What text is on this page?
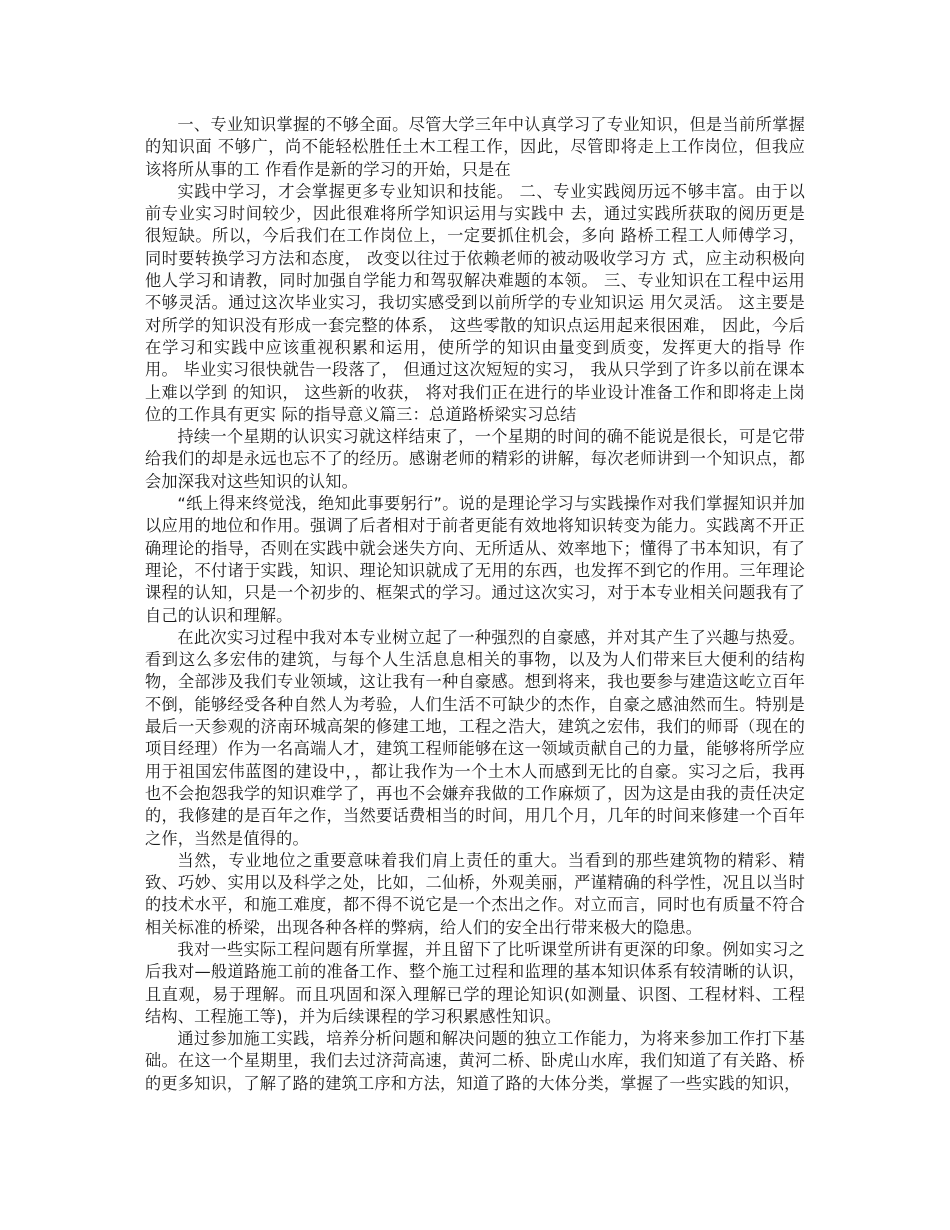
一、专业知识掌握的不够全面。尽管大学三年中认真学习了专业知识，但是当前所掌握的知识面 不够广，尚不能轻松胜任土木工程工作，因此，尽管即将走上工作岗位，但我应该将所从事的工 作看作是新的学习的开始，只是在

实践中学习，才会掌握更多专业知识和技能。 二、专业实践阅历远不够丰富。由于以前专业实习时间较少，因此很难将所学知识运用与实践中 去，通过实践所获取的阅历更是很短缺。所以，今后我们在工作岗位上，一定要抓住机会，多向 路桥工程工人师傅学习，同时要转换学习方法和态度， 改变以往过于依赖老师的被动吸收学习方 式，应主动积极向他人学习和请教，同时加强自学能力和驾驭解决难题的本领。 三、专业知识在工程中运用不够灵活。通过这次毕业实习，我切实感受到以前所学的专业知识运 用欠灵活。 这主要是对所学的知识没有形成一套完整的体系， 这些零散的知识点运用起来很困难， 因此，今后在学习和实践中应该重视积累和运用，使所学的知识由量变到质变，发挥更大的指导 作用。 毕业实习很快就告一段落了， 但通过这次短短的实习， 我从只学到了许多以前在课本上难以学到 的知识， 这些新的收获， 将对我们正在进行的毕业设计准备工作和即将走上岗位的工作具有更实 际的指导意义篇三：总道路桥梁实习总结

持续一个星期的认识实习就这样结束了，一个星期的时间的确不能说是很长，可是它带给我们的却是永远也忘不了的经历。感谢老师的精彩的讲解，每次老师讲到一个知识点，都会加深我对这些知识的认知。

“纸上得来终觉浅，绝知此事要躬行”。说的是理论学习与实践操作对我们掌握知识并加以应用的地位和作用。强调了后者相对于前者更能有效地将知识转变为能力。实践离不开正确理论的指导，否则在实践中就会迷失方向、无所适从、效率地下；懂得了书本知识，有了理论，不付诸于实践，知识、理论知识就成了无用的东西，也发挥不到它的作用。三年理论课程的认知，只是一个初步的、框架式的学习。通过这次实习，对于本专业相关问题我有了自己的认识和理解。

在此次实习过程中我对本专业树立起了一种强烈的自豪感，并对其产生了兴趣与热爱。看到这么多宏伟的建筑，与每个人生活息息相关的事物，以及为人们带来巨大便利的结构物，全部涉及我们专业领域，这让我有一种自豪感。想到将来，我也要参与建造这屹立百年不倒，能够经受各种自然人为考验，人们生活不可缺少的杰作，自豪之感油然而生。特别是最后一天参观的济南环城高架的修建工地，工程之浩大，建筑之宏伟，我们的师哥（现在的项目经理）作为一名高端人才，建筑工程师能够在这一领域贡献自己的力量，能够将所学应用于祖国宏伟蓝图的建设中，，都让我作为一个土木人而感到无比的自豪。实习之后，我再也不会抱怨我学的知识难学了，再也不会嫌弃我做的工作麻烦了，因为这是由我的责任决定的，我修建的是百年之作，当然要话费相当的时间，用几个月，几年的时间来修建一个百年之作，当然是值得的。

当然，专业地位之重要意味着我们肩上责任的重大。当看到的那些建筑物的精彩、精致、巧妙、实用以及科学之处，比如，二仙桥，外观美丽，严谨精确的科学性，况且以当时的技术水平，和施工难度，都不得不说它是一个杰出之作。对立而言，同时也有质量不符合相关标准的桥梁，出现各种各样的弊病，给人们的安全出行带来极大的隐患。

我对一些实际工程问题有所掌握，并且留下了比听课堂所讲有更深的印象。例如实习之后我对—般道路施工前的准备工作、整个施工过程和监理的基本知识体系有较清晰的认识，且直观，易于理解。而且巩固和深入理解已学的理论知识(如测量、识图、工程材料、工程结构、工程施工等)，并为后续课程的学习积累感性知识。

通过参加施工实践，培养分析问题和解决问题的独立工作能力，为将来参加工作打下基础。在这一个星期里，我们去过济菏高速，黄河二桥、卧虎山水库，我们知道了有关路、桥的更多知识，了解了路的建筑工序和方法，知道了路的大体分类，掌握了一些实践的知识，
